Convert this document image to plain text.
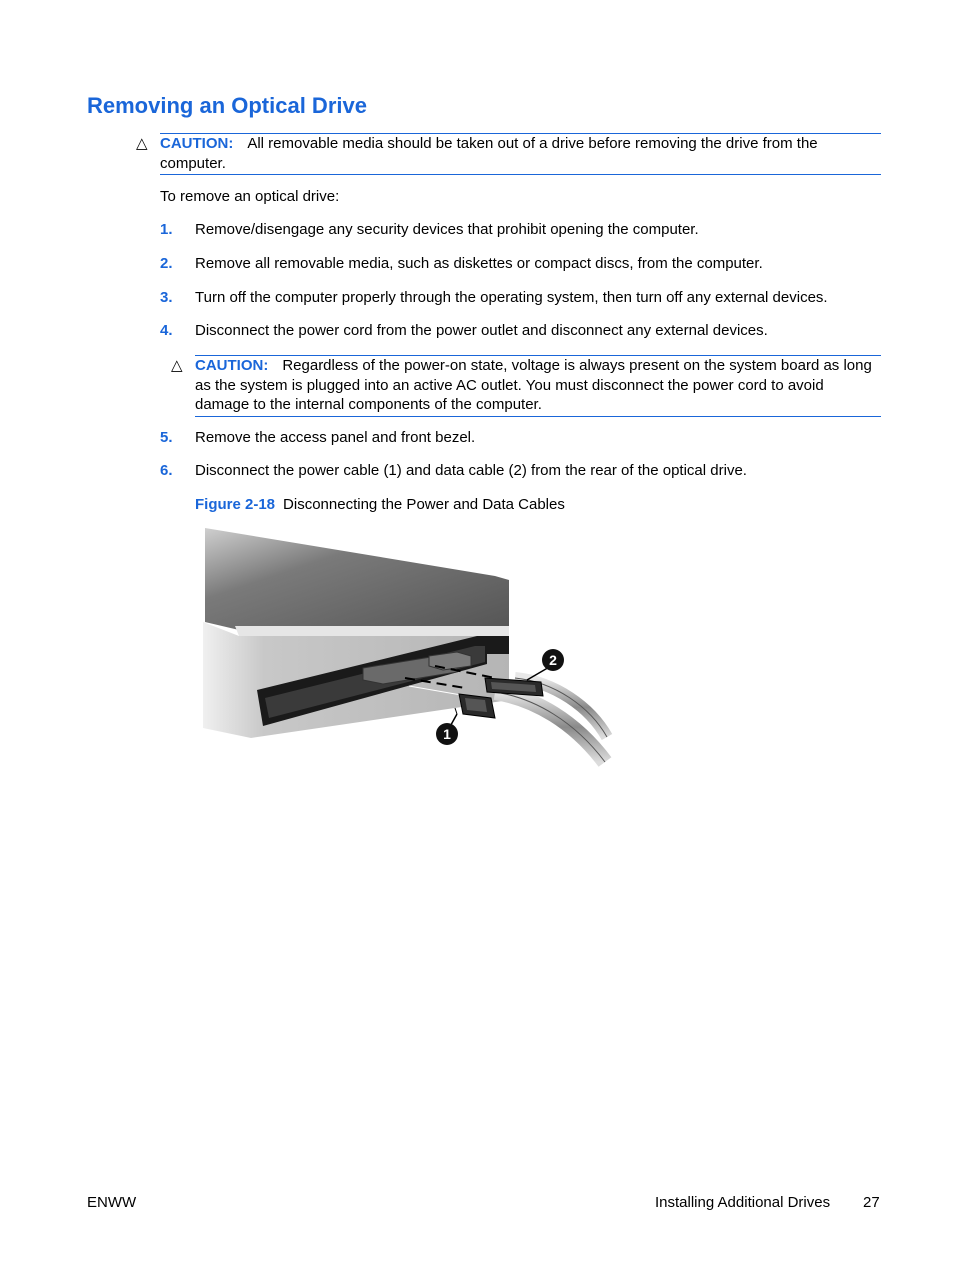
Removing an Optical Drive
△ CAUTION: All removable media should be taken out of a drive before removing the drive from the computer.
To remove an optical drive:
1. Remove/disengage any security devices that prohibit opening the computer.
2. Remove all removable media, such as diskettes or compact discs, from the computer.
3. Turn off the computer properly through the operating system, then turn off any external devices.
4. Disconnect the power cord from the power outlet and disconnect any external devices.
△ CAUTION: Regardless of the power-on state, voltage is always present on the system board as long as the system is plugged into an active AC outlet. You must disconnect the power cord to avoid damage to the internal components of the computer.
5. Remove the access panel and front bezel.
6. Disconnect the power cable (1) and data cable (2) from the rear of the optical drive.
Figure 2-18 Disconnecting the Power and Data Cables
1
2
ENWW	Installing Additional Drives 27
